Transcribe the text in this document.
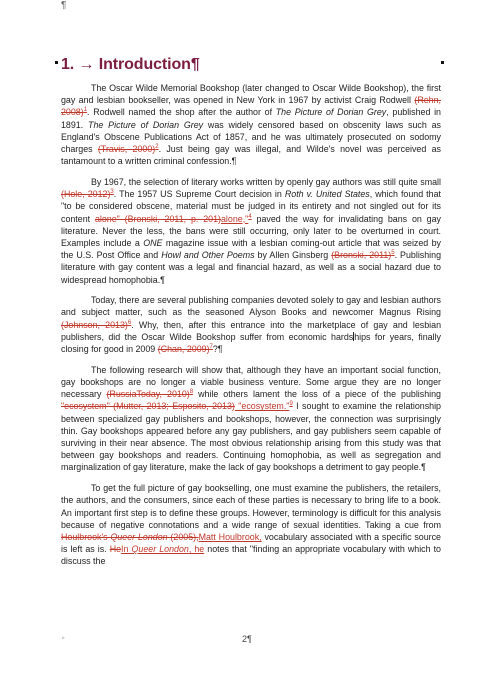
¶
1. → Introduction¶

The Oscar Wilde Memorial Bookshop (later changed to Oscar Wilde Bookshop), the first gay and lesbian bookseller, was opened in New York in 1967 by activist Craig Rodwell (Rehn, 2008)$^1$. Rodwell named the shop after the author of The Picture of Dorian Grey, published in 1891. The Picture of Dorian Grey was widely censored based on obscenity laws such as England's Obscene Publications Act of 1857, and he was ultimately prosecuted on sodomy charges (Travis, 2000)$^2$. Just being gay was illegal, and Wilde's novel was perceived as tantamount to a written criminal confession.¶

By 1967, the selection of literary works written by openly gay authors was still quite small (Hole, 2012)$^3$. The 1957 US Supreme Court decision in Roth v. United States, which found that "to be considered obscene, material must be judged in its entirety and not singled out for its content alone" (Bronski, 2011, p. 201)alone,"$^4$ paved the way for invalidating bans on gay literature. Never the less, the bans were still occurring, only later to be overturned in court. Examples include a ONE magazine issue with a lesbian coming-out article that was seized by the U.S. Post Office and Howl and Other Poems by Allen Ginsberg (Bronski, 2011)$^5$. Publishing literature with gay content was a legal and financial hazard, as well as a social hazard due to widespread homophobia.¶

Today, there are several publishing companies devoted solely to gay and lesbian authors and subject matter, such as the seasoned Alyson Books and newcomer Magnus Rising (Johnson, 2013)$^6$. Why, then, after this entrance into the marketplace of gay and lesbian publishers, did the Oscar Wilde Bookshop suffer from economic hardships for years, finally closing for good in 2009 (Chan, 2009)$^7$?¶

The following research will show that, although they have an important social function, gay bookshops are no longer a viable business venture. Some argue they are no longer necessary (RussiaToday, 2010)$^8$ while others lament the loss of a piece of the publishing "ecosystem" (Mutter, 2013; Esposito, 2013) "ecosystem."$^9$ I sought to examine the relationship between specialized gay publishers and bookshops, however, the connection was surprisingly thin. Gay bookshops appeared before any gay publishers, and gay publishers seem capable of surviving in their near absence. The most obvious relationship arising from this study was that between gay bookshops and readers. Continuing homophobia, as well as segregation and marginalization of gay literature, make the lack of gay bookshops a detriment to gay people.¶

To get the full picture of gay bookselling, one must examine the publishers, the retailers, the authors, and the consumers, since each of these parties is necessary to bring life to a book. An important first step is to define these groups. However, terminology is difficult for this analysis because of negative connotations and a wide range of sexual identities. Taking a cue from Houlbrook's Queer London (2005),Matt Houlbrook, vocabulary associated with a specific source is left as is. HeIn Queer London, he notes that "finding an appropriate vocabulary with which to discuss the

"	2¶
